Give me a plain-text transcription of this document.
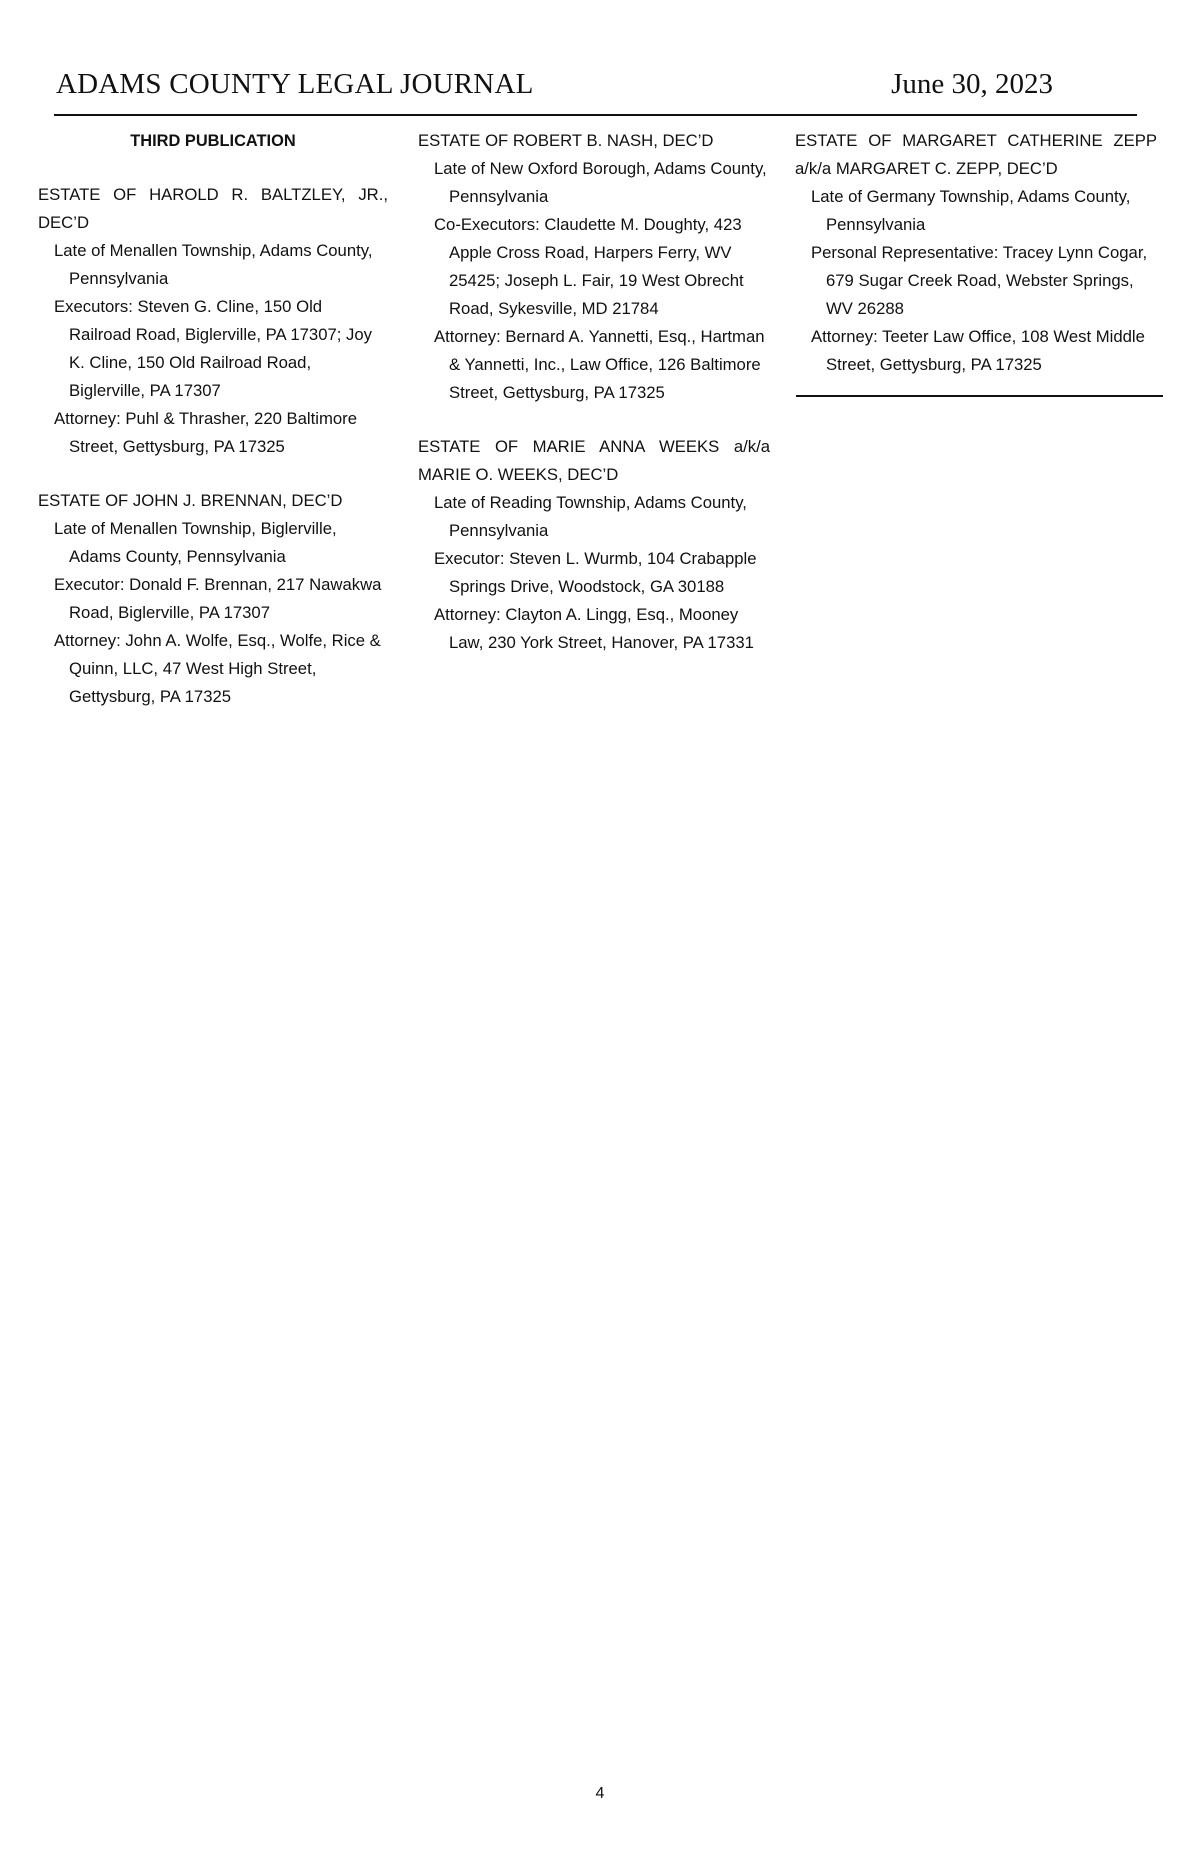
ADAMS COUNTY LEGAL JOURNAL	June 30, 2023
THIRD PUBLICATION
ESTATE OF HAROLD R. BALTZLEY, JR., DEC’D
Late of Menallen Township, Adams County, Pennsylvania
Executors: Steven G. Cline, 150 Old Railroad Road, Biglerville, PA 17307; Joy K. Cline, 150 Old Railroad Road, Biglerville, PA 17307
Attorney: Puhl & Thrasher, 220 Baltimore Street, Gettysburg, PA 17325
ESTATE OF JOHN J. BRENNAN, DEC’D
Late of Menallen Township, Biglerville, Adams County, Pennsylvania
Executor: Donald F. Brennan, 217 Nawakwa Road, Biglerville, PA 17307
Attorney: John A. Wolfe, Esq., Wolfe, Rice & Quinn, LLC, 47 West High Street, Gettysburg, PA 17325
ESTATE OF ROBERT B. NASH, DEC’D
Late of New Oxford Borough, Adams County, Pennsylvania
Co-Executors: Claudette M. Doughty, 423 Apple Cross Road, Harpers Ferry, WV 25425; Joseph L. Fair, 19 West Obrecht Road, Sykesville, MD 21784
Attorney: Bernard A. Yannetti, Esq., Hartman & Yannetti, Inc., Law Office, 126 Baltimore Street, Gettysburg, PA 17325
ESTATE OF MARIE ANNA WEEKS a/k/a MARIE O. WEEKS, DEC’D
Late of Reading Township, Adams County, Pennsylvania
Executor: Steven L. Wurmb, 104 Crabapple Springs Drive, Woodstock, GA 30188
Attorney: Clayton A. Lingg, Esq., Mooney Law, 230 York Street, Hanover, PA 17331
ESTATE OF MARGARET CATHERINE ZEPP a/k/a MARGARET C. ZEPP, DEC’D
Late of Germany Township, Adams County, Pennsylvania
Personal Representative: Tracey Lynn Cogar, 679 Sugar Creek Road, Webster Springs, WV 26288
Attorney: Teeter Law Office, 108 West Middle Street, Gettysburg, PA 17325
4
